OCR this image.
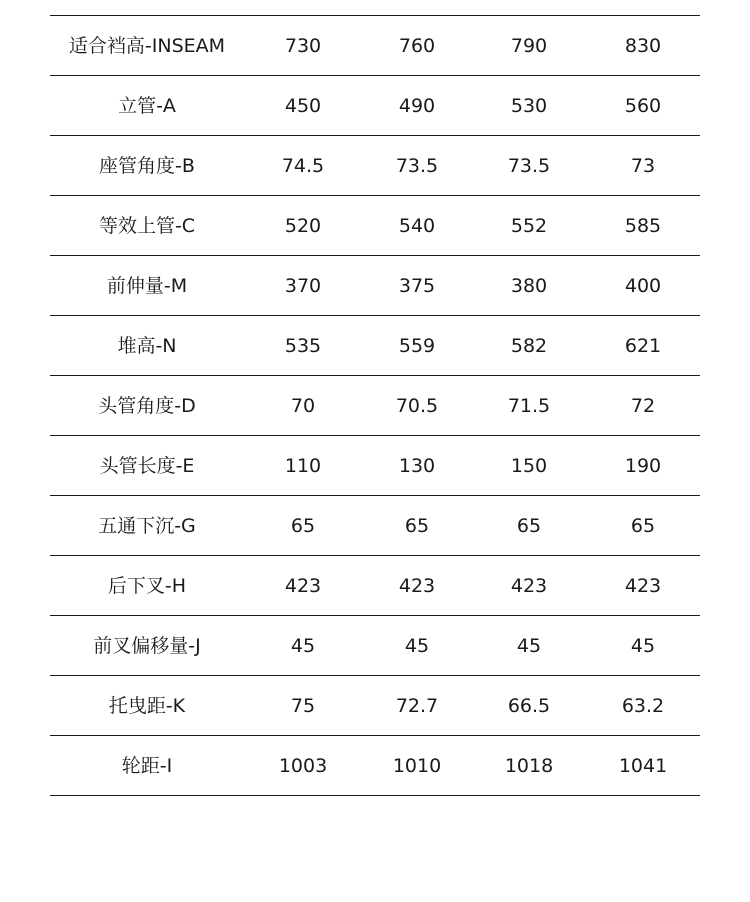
适合裆高-INSEAM	730	760	790	830
立管-A	450	490	530	560
座管角度-B	74.5	73.5	73.5	73
等效上管-C	520	540	552	585
前伸量-M	370	375	380	400
堆高-N	535	559	582	621
头管角度-D	70	70.5	71.5	72
头管长度-E	110	130	150	190
五通下沉-G	65	65	65	65
后下叉-H	423	423	423	423
前叉偏移量-J	45	45	45	45
托曳距-K	75	72.7	66.5	63.2
轮距-I	1003	1010	1018	1041
